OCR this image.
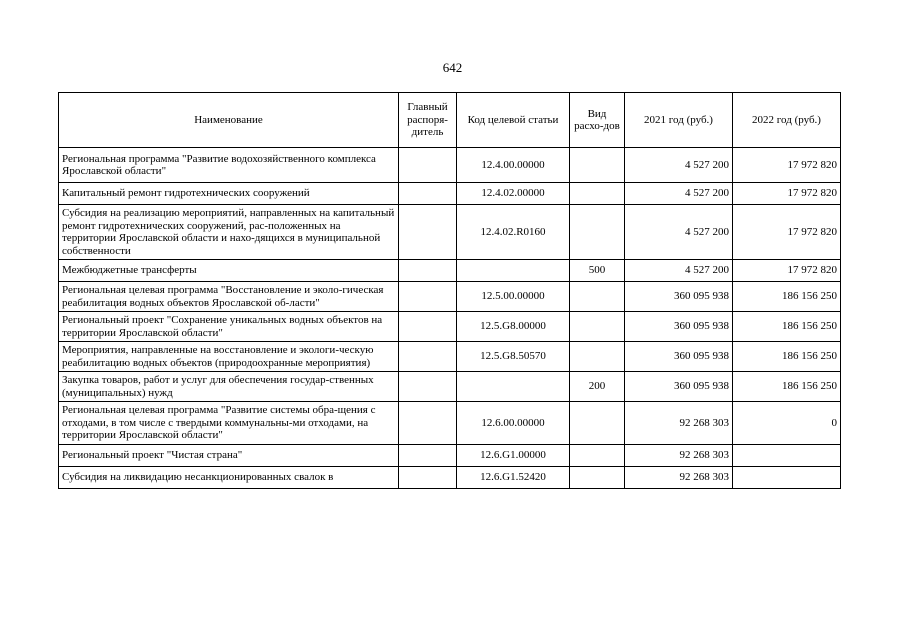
642
Наименование	Главный распоря-дитель	Код целевой статьи	Вид расхо-дов	2021 год (руб.)	2022 год (руб.)
Региональная программа "Развитие водохозяйственного комплекса Ярославской области"		12.4.00.00000		4 527 200	17 972 820
Капитальный ремонт гидротехнических сооружений		12.4.02.00000		4 527 200	17 972 820
Субсидия на реализацию мероприятий, направленных на капитальный ремонт гидротехнических сооружений, рас-положенных на территории Ярославской области и нахо-дящихся в муниципальной собственности		12.4.02.R0160		4 527 200	17 972 820
Межбюджетные трансферты			500	4 527 200	17 972 820
Региональная целевая программа "Восстановление и эколо-гическая реабилитация водных объектов Ярославской об-ласти"		12.5.00.00000		360 095 938	186 156 250
Региональный проект "Сохранение уникальных водных объектов на территории Ярославской области"		12.5.G8.00000		360 095 938	186 156 250
Мероприятия, направленные на восстановление и экологи-ческую реабилитацию водных объектов (природоохранные мероприятия)		12.5.G8.50570		360 095 938	186 156 250
Закупка товаров, работ и услуг для обеспечения государ-ственных (муниципальных) нужд			200	360 095 938	186 156 250
Региональная целевая программа "Развитие системы обра-щения с отходами, в том числе с твердыми коммунальны-ми отходами, на территории Ярославской области"		12.6.00.00000		92 268 303	0
Региональный проект "Чистая страна"		12.6.G1.00000		92 268 303	
Субсидия на ликвидацию несанкционированных свалок в		12.6.G1.52420		92 268 303	
